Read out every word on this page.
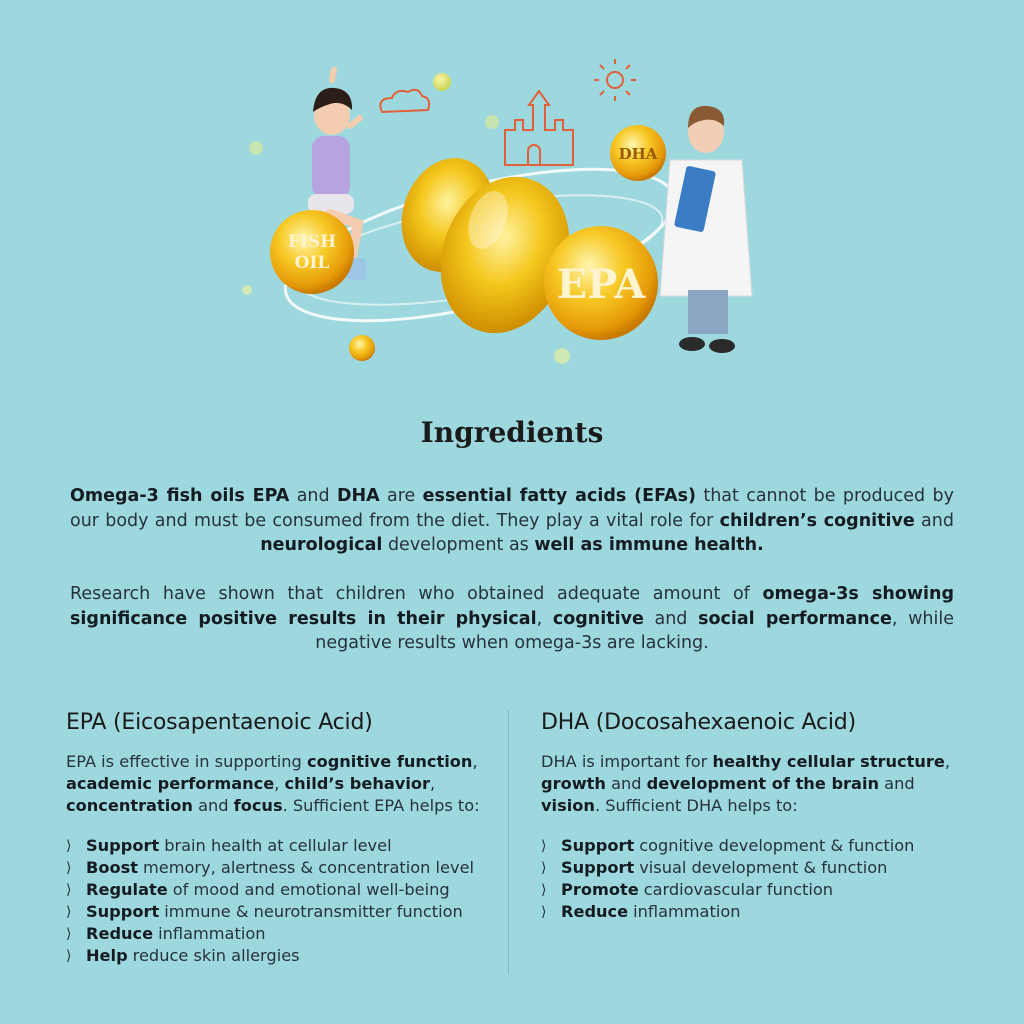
FISH
OIL
DHA
EPA
Ingredients

Omega-3 fish oils EPA and DHA are essential fatty acids (EFAs) that cannot be produced by our body and must be consumed from the diet. They play a vital role for children’s cognitive and neurological development as well as immune health.

Research have shown that children who obtained adequate amount of omega-3s showing significance positive results in their physical, cognitive and social performance, while negative results when omega-3s are lacking.

EPA (Eicosapentaenoic Acid)

EPA is effective in supporting cognitive function, academic performance, child’s behavior, concentration and focus. Sufficient EPA helps to:

⟩ Support brain health at cellular level
⟩ Boost memory, alertness & concentration level
⟩ Regulate of mood and emotional well-being
⟩ Support immune & neurotransmitter function
⟩ Reduce inflammation
⟩ Help reduce skin allergies
DHA (Docosahexaenoic Acid)

DHA is important for healthy cellular structure, growth and development of the brain and vision. Sufficient DHA helps to:

⟩ Support cognitive development & function
⟩ Support visual development & function
⟩ Promote cardiovascular function
⟩ Reduce inflammation
